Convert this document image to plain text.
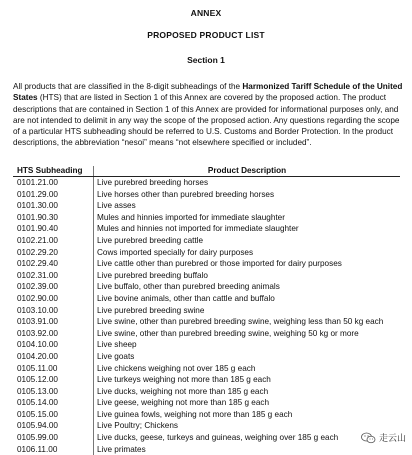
ANNEX
PROPOSED PRODUCT LIST
Section 1

All products that are classified in the 8-digit subheadings of the Harmonized Tariff Schedule of the United States (HTS) that are listed in Section 1 of this Annex are covered by the proposed action. The product descriptions that are contained in Section 1 of this Annex are provided for informational purposes only, and are not intended to delimit in any way the scope of the proposed action. Any questions regarding the scope of a particular HTS subheading should be referred to U.S. Customs and Border Protection. In the product descriptions, the abbreviation “nesoi” means “not elsewhere specified or included”.

HTS Subheading	Product Description
0101.21.00	Live purebred breeding horses
0101.29.00	Live horses other than purebred breeding horses
0101.30.00	Live asses
0101.90.30	Mules and hinnies imported for immediate slaughter
0101.90.40	Mules and hinnies not imported for immediate slaughter
0102.21.00	Live purebred breeding cattle
0102.29.20	Cows imported specially for dairy purposes
0102.29.40	Live cattle other than purebred or those imported for dairy purposes
0102.31.00	Live purebred breeding buffalo
0102.39.00	Live buffalo, other than purebred breeding animals
0102.90.00	Live bovine animals, other than cattle and buffalo
0103.10.00	Live purebred breeding swine
0103.91.00	Live swine, other than purebred breeding swine, weighing less than 50 kg each
0103.92.00	Live swine, other than purebred breeding swine, weighing 50 kg or more
0104.10.00	Live sheep
0104.20.00	Live goats
0105.11.00	Live chickens weighing not over 185 g each
0105.12.00	Live turkeys weighing not more than 185 g each
0105.13.00	Live ducks, weighing not more than 185 g each
0105.14.00	Live geese, weighing not more than 185 g each
0105.15.00	Live guinea fowls, weighing not more than 185 g each
0105.94.00	Live Poultry; Chickens
0105.99.00	Live ducks, geese, turkeys and guineas, weighing over 185 g each
0106.11.00	Live primates
走云山
